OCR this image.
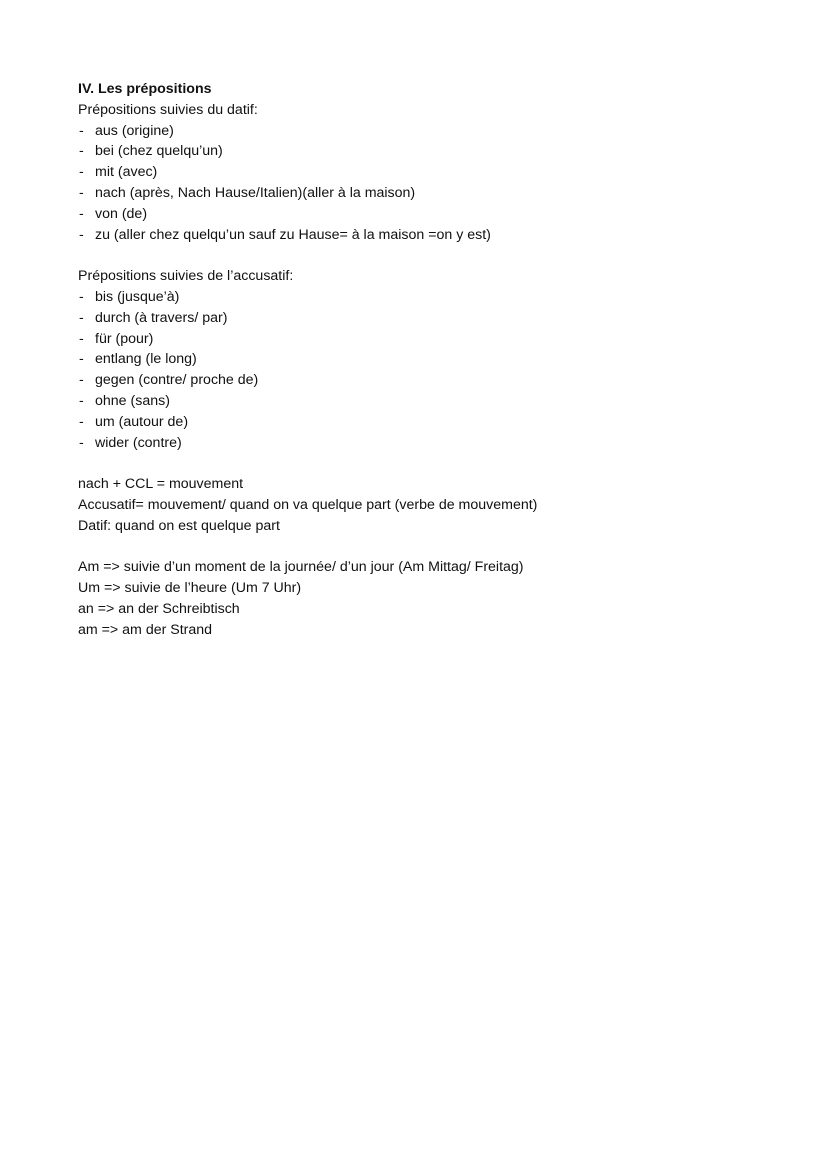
IV. Les prépositions

Prépositions suivies du datif:

- aus (origine)
- bei (chez quelqu’un)
- mit (avec)
- nach (après, Nach Hause/Italien)(aller à la maison)
- von (de)
- zu (aller chez quelqu’un sauf zu Hause= à la maison =on y est)

Prépositions suivies de l’accusatif:

- bis (jusque’à)
- durch (à travers/ par)
- für (pour)
- entlang (le long)
- gegen (contre/ proche de)
- ohne (sans)
- um (autour de)
- wider (contre)

nach + CCL = mouvement

Accusatif= mouvement/ quand on va quelque part (verbe de mouvement)

Datif: quand on est quelque part

Am => suivie d’un moment de la journée/ d’un jour (Am Mittag/ Freitag)

Um => suivie de l’heure (Um 7 Uhr)

an => an der Schreibtisch

am => am der Strand
